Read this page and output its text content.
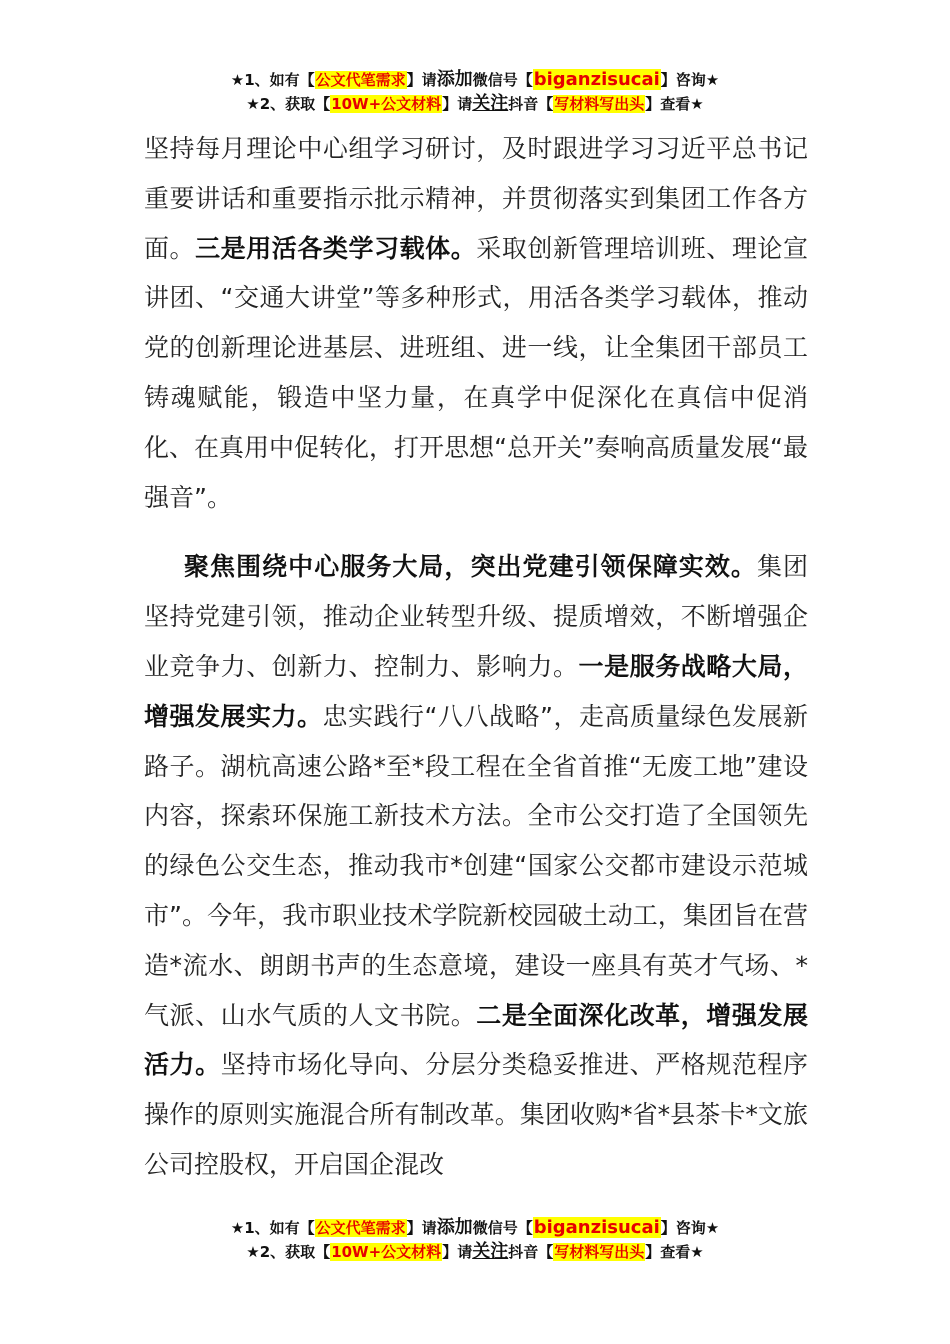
★1、如有【公文代笔需求】请添加微信号【biganzisucai】咨询★
★2、获取【10W+公文材料】请关注抖音【写材料写出头】查看★

坚持每月理论中心组学习研讨，及时跟进学习习近平总书记重要讲话和重要指示批示精神，并贯彻落实到集团工作各方面。三是用活各类学习载体。采取创新管理培训班、理论宣讲团、“交通大讲堂”等多种形式，用活各类学习载体，推动党的创新理论进基层、进班组、进一线，让全集团干部员工铸魂赋能，锻造中坚力量，在真学中促深化在真信中促消化、在真用中促转化，打开思想“总开关”奏响高质量发展“最强音”。

聚焦围绕中心服务大局，突出党建引领保障实效。集团坚持党建引领，推动企业转型升级、提质增效，不断增强企业竞争力、创新力、控制力、影响力。一是服务战略大局，增强发展实力。忠实践行“八八战略”，走高质量绿色发展新路子。湖杭高速公路*至*段工程在全省首推“无废工地”建设内容，探索环保施工新技术方法。全市公交打造了全国领先的绿色公交生态，推动我市*创建“国家公交都市建设示范城市”。今年，我市职业技术学院新校园破土动工，集团旨在营造*流水、朗朗书声的生态意境，建设一座具有英才气场、*气派、山水气质的人文书院。二是全面深化改革，增强发展活力。坚持市场化导向、分层分类稳妥推进、严格规范程序操作的原则实施混合所有制改革。集团收购*省*县茶卡*文旅公司控股权，开启国企混改

★1、如有【公文代笔需求】请添加微信号【biganzisucai】咨询★
★2、获取【10W+公文材料】请关注抖音【写材料写出头】查看★
